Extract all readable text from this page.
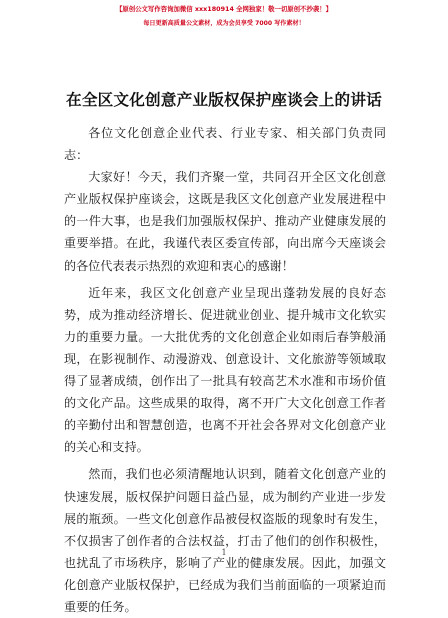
【原创公文写作咨询加微信 xxx180914 全网独家！敬一切原创不抄袭！】
每日更新高质量公文素材，成为会员享受 7000 写作素材！
在全区文化创意产业版权保护座谈会上的讲话

各位文化创意企业代表、行业专家、相关部门负责同志：

大家好！今天，我们齐聚一堂，共同召开全区文化创意产业版权保护座谈会，这既是我区文化创意产业发展进程中的一件大事，也是我们加强版权保护、推动产业健康发展的重要举措。在此，我谨代表区委宣传部，向出席今天座谈会的各位代表表示热烈的欢迎和衷心的感谢！

近年来，我区文化创意产业呈现出蓬勃发展的良好态势，成为推动经济增长、促进就业创业、提升城市文化软实力的重要力量。一大批优秀的文化创意企业如雨后春笋般涌现，在影视制作、动漫游戏、创意设计、文化旅游等领域取得了显著成绩，创作出了一批具有较高艺术水准和市场价值的文化产品。这些成果的取得，离不开广大文化创意工作者的辛勤付出和智慧创造，也离不开社会各界对文化创意产业的关心和支持。

然而，我们也必须清醒地认识到，随着文化创意产业的快速发展，版权保护问题日益凸显，成为制约产业进一步发展的瓶颈。一些文化创意作品被侵权盗版的现象时有发生，不仅损害了创作者的合法权益，打击了他们的创作积极性，也扰乱了市场秩序，影响了产业的健康发展。因此，加强文化创意产业版权保护，已经成为我们当前面临的一项紧迫而重要的任务。

1
